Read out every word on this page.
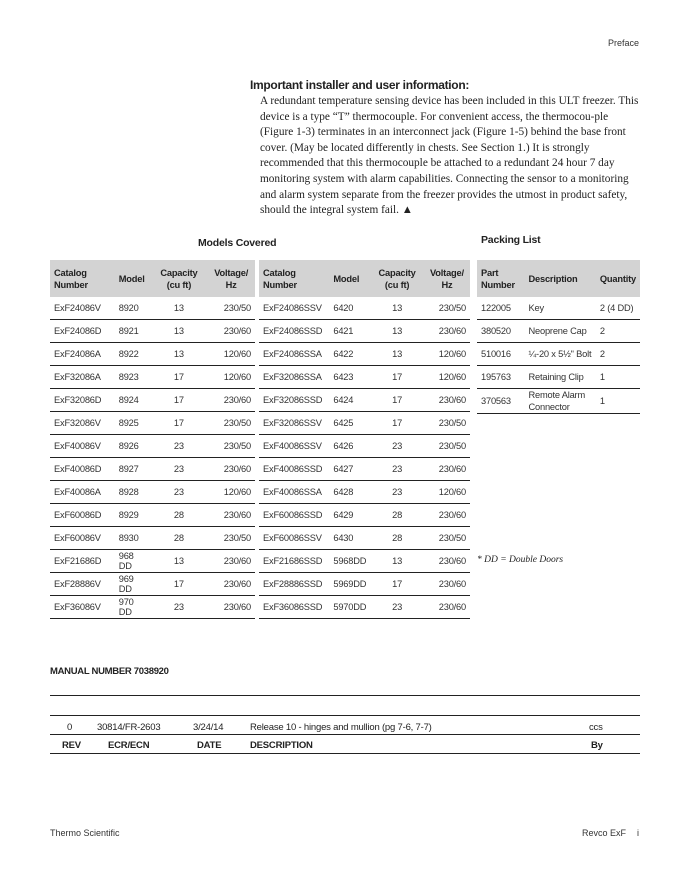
Preface
Important installer and user information:
A redundant temperature sensing device has been included in this ULT freezer. This device is a type “T” thermocouple. For convenient access, the thermocou-ple (Figure 1-3) terminates in an interconnect jack (Figure 1-5) behind the base front cover. (May be located differently in chests. See Section 1.) It is strongly recommended that this thermocouple be attached to a redundant 24 hour 7 day monitoring system with alarm capabilities. Connecting the sensor to a monitoring and alarm system separate from the freezer provides the utmost in product safety, should the integral system fail. ▲
Models Covered	Packing List
Catalog Number	Model	Capacity (cu ft)	Voltage/ Hz
ExF24086V	8920	13	230/50
ExF24086D	8921	13	230/60
ExF24086A	8922	13	120/60
ExF32086A	8923	17	120/60
ExF32086D	8924	17	230/60
ExF32086V	8925	17	230/50
ExF40086V	8926	23	230/50
ExF40086D	8927	23	230/60
ExF40086A	8928	23	120/60
ExF60086D	8929	28	230/60
ExF60086V	8930	28	230/50
ExF21686D	968 DD	13	230/60
ExF28886V	969 DD	17	230/60
ExF36086V	970 DD	23	230/60
Catalog Number	Model	Capacity (cu ft)	Voltage/ Hz
ExF24086SSV	6420	13	230/50
ExF24086SSD	6421	13	230/60
ExF24086SSA	6422	13	120/60
ExF32086SSA	6423	17	120/60
ExF32086SSD	6424	17	230/60
ExF32086SSV	6425	17	230/50
ExF40086SSV	6426	23	230/50
ExF40086SSD	6427	23	230/60
ExF40086SSA	6428	23	120/60
ExF60086SSD	6429	28	230/60
ExF60086SSV	6430	28	230/50
ExF21686SSD	5968DD	13	230/60
ExF28886SSD	5969DD	17	230/60
ExF36086SSD	5970DD	23	230/60
Part Number	Description	Quantity
122005	Key	2 (4 DD)
380520	Neoprene Cap	2
510016	¼-20 x 5½" Bolt	2
195763	Retaining Clip	1
370563	Remote Alarm Connector	1
* DD = Double Doors
MANUAL NUMBER 7038920
0	30814/FR-2603	3/24/14	Release 10 - hinges and mullion (pg 7-6, 7-7)	ccs
REV	ECR/ECN	DATE	DESCRIPTION	By
Thermo Scientific	Revco ExF i
